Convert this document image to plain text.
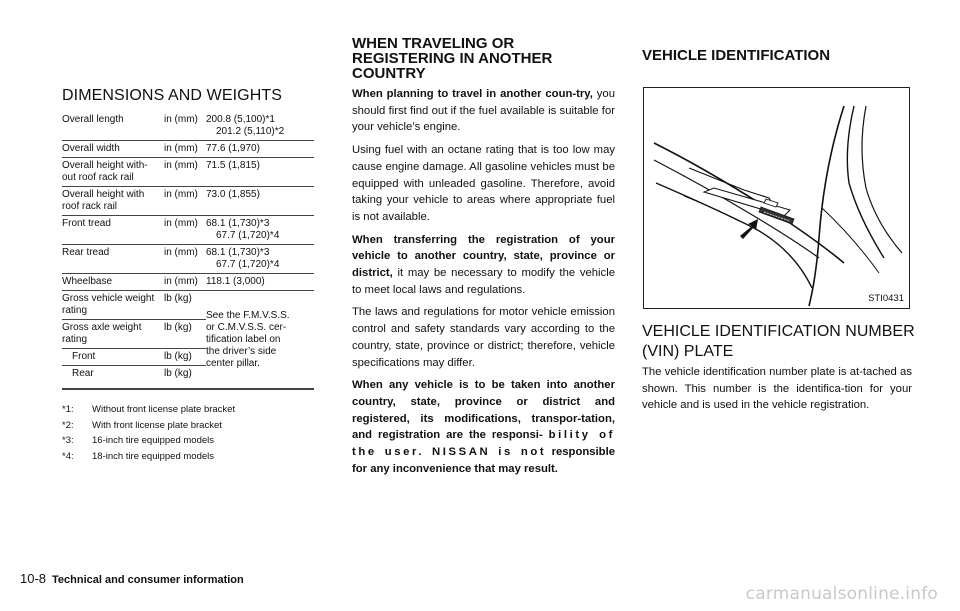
DIMENSIONS AND WEIGHTS
Overall length	in (mm)	200.8 (5,100)*1
201.2 (5,110)*2

Overall width	in (mm)	77.6 (1,970)

Overall height with-
out roof rack rail	in (mm)	71.5 (1,815)

Overall height with
roof rack rail	in (mm)	73.0 (1,855)
Front tread	in (mm)	68.1 (1,730)*3
67.7 (1,720)*4

Rear tread	in (mm)	68.1 (1,730)*3
67.7 (1,720)*4

Wheelbase	in (mm)	118.1 (3,000)

Gross vehicle weight
rating	lb (kg)	See the F.M.V.S.S.
or C.M.V.S.S. cer-
tification label on
the driver’s side
center pillar.

Gross axle weight
rating	lb (kg)	
Front	lb (kg)	
Rear	lb (kg)	
*1: Without front license plate bracket
*2: With front license plate bracket
*3: 16-inch tire equipped models
*4: 18-inch tire equipped models
WHEN TRAVELING OR
REGISTERING IN ANOTHER
COUNTRY

When planning to travel in another coun-try, you should first find out if the fuel available is suitable for your vehicle’s engine.

Using fuel with an octane rating that is too low may cause engine damage. All gasoline vehicles must be equipped with unleaded gasoline. Therefore, avoid taking your vehicle to areas where appropriate fuel is not available.

When transferring the registration of your vehicle to another country, state, province or district, it may be necessary to modify the vehicle to meet local laws and regulations.

The laws and regulations for motor vehicle emission control and safety standards vary according to the country, state, province or district; therefore, vehicle specifications may differ.

When any vehicle is to be taken into another country, state, province or district and registered, its modifications, transpor-tation, and registration are the responsi- bility of the user. NISSAN is not responsible for any inconvenience that may result.

VEHICLE IDENTIFICATION
STI0431
VEHICLE IDENTIFICATION NUMBER (VIN) PLATE

The vehicle identification number plate is at-tached as shown. This number is the identifica-tion for your vehicle and is used in the vehicle registration.

10-8 Technical and consumer information
carmanualsonline.info
